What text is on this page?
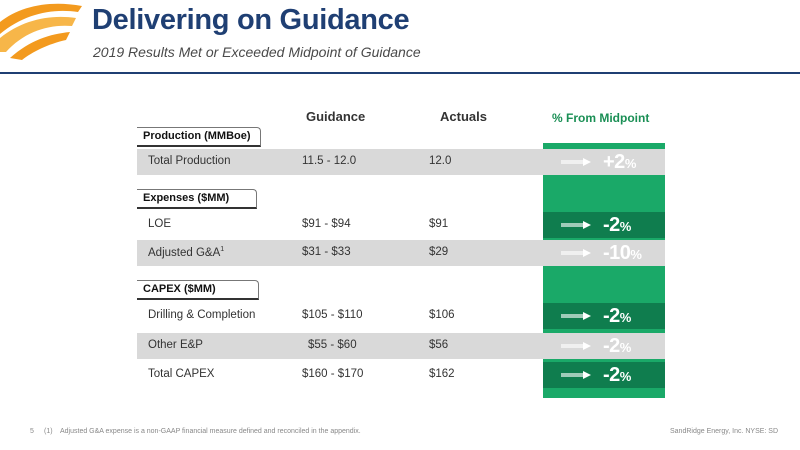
Delivering on Guidance
2019 Results Met or Exceeded Midpoint of Guidance
Guidance	Actuals	% From Midpoint
Production (MMBoe)
Total Production	11.5 - 12.0	12.0	+2%
Expenses ($MM)
LOE	$91 - $94	$91	-2%
Adjusted $G\&A^1$	$31 - $33	$29	-10%
CAPEX ($MM)
Drilling & Completion	$105 - $110	$106	-2%
Other E&P	$55 - $60	$56	-2%
Total CAPEX	$160 - $170	$162	-2%
5 (1) Adjusted G&A expense is a non-GAAP financial measure defined and reconciled in the appendix.	SandRidge Energy, Inc. NYSE: SD
